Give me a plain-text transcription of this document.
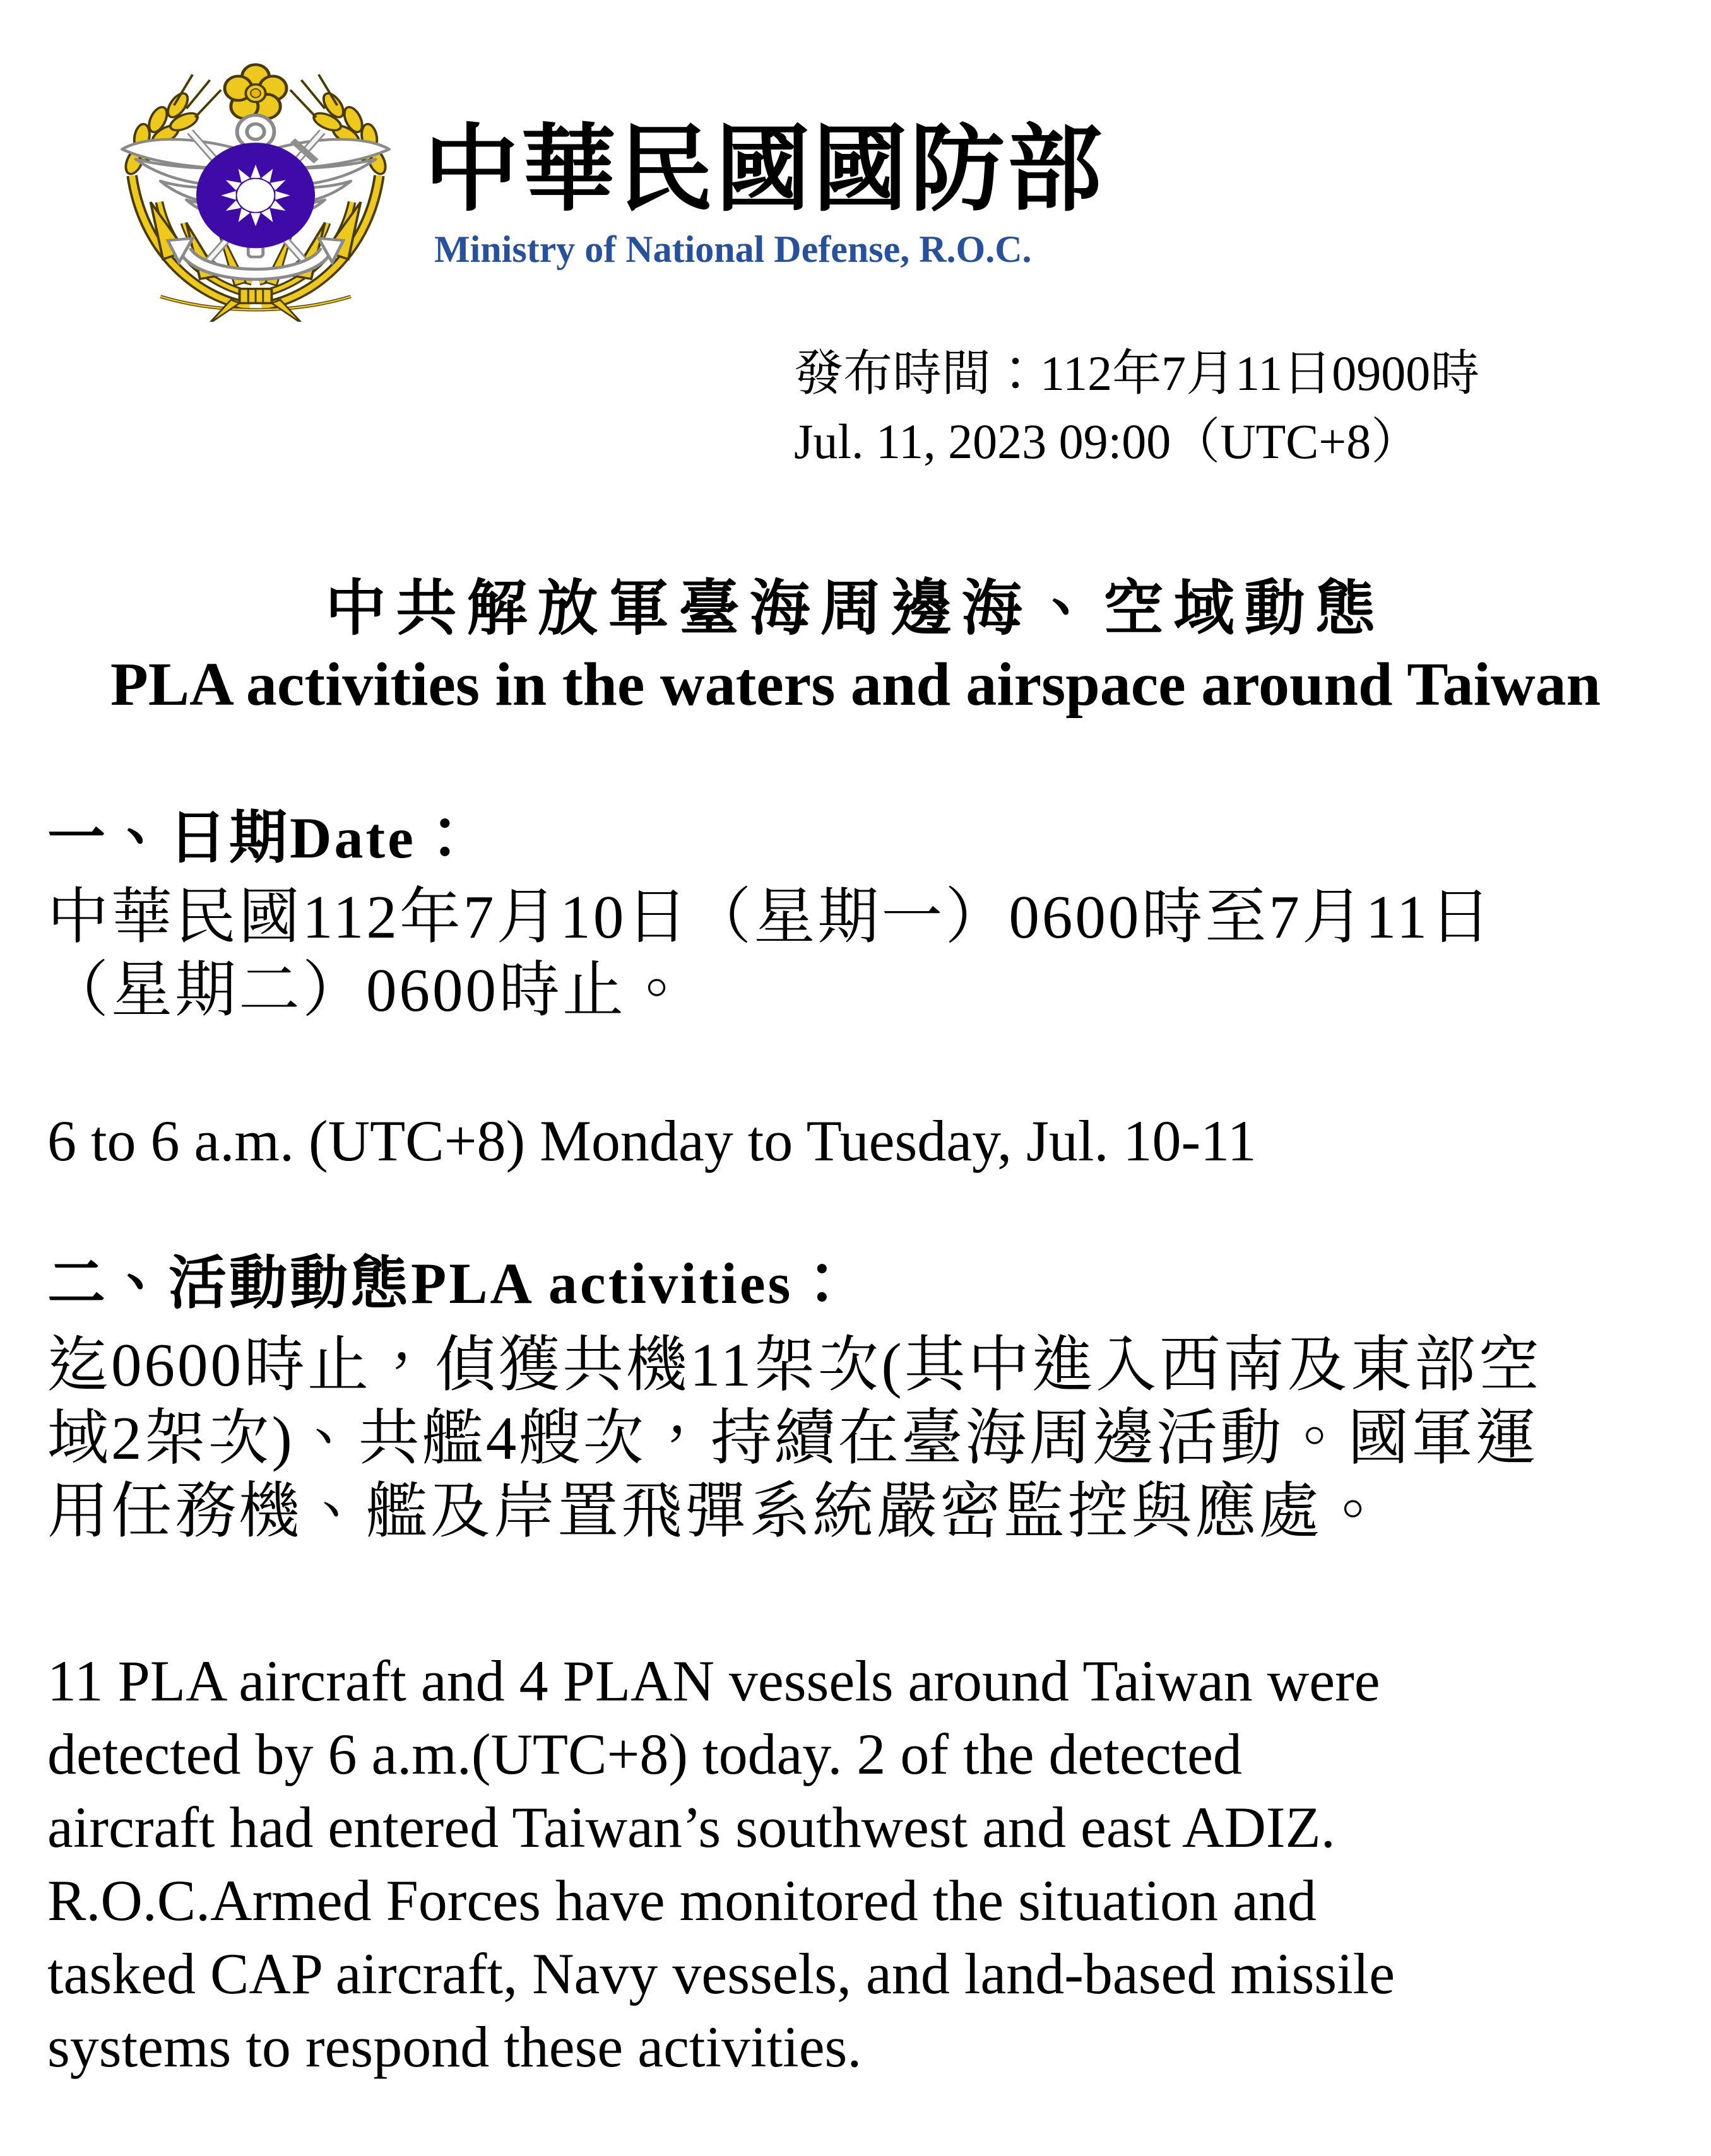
中華民國國防部
Ministry of National Defense, R.O.C.
發布時間：112年7月11日0900時
Jul. 11, 2023 09:00（UTC+8）
中共解放軍臺海周邊海、空域動態
PLA activities in the waters and airspace around Taiwan
一、日期Date：
中華民國112年7月10日（星期一）0600時至7月11日
（星期二）0600時止。
6 to 6 a.m. (UTC+8) Monday to Tuesday, Jul. 10-11
二、活動動態PLA activities：
迄0600時止，偵獲共機11架次(其中進入西南及東部空
域2架次)、共艦4艘次，持續在臺海周邊活動。國軍運
用任務機、艦及岸置飛彈系統嚴密監控與應處。
11 PLA aircraft and 4 PLAN vessels around Taiwan were
detected by 6 a.m.(UTC+8) today. 2 of the detected
aircraft had entered Taiwan’s southwest and east ADIZ.
R.O.C.Armed Forces have monitored the situation and
tasked CAP aircraft, Navy vessels, and land-based missile
systems to respond these activities.
